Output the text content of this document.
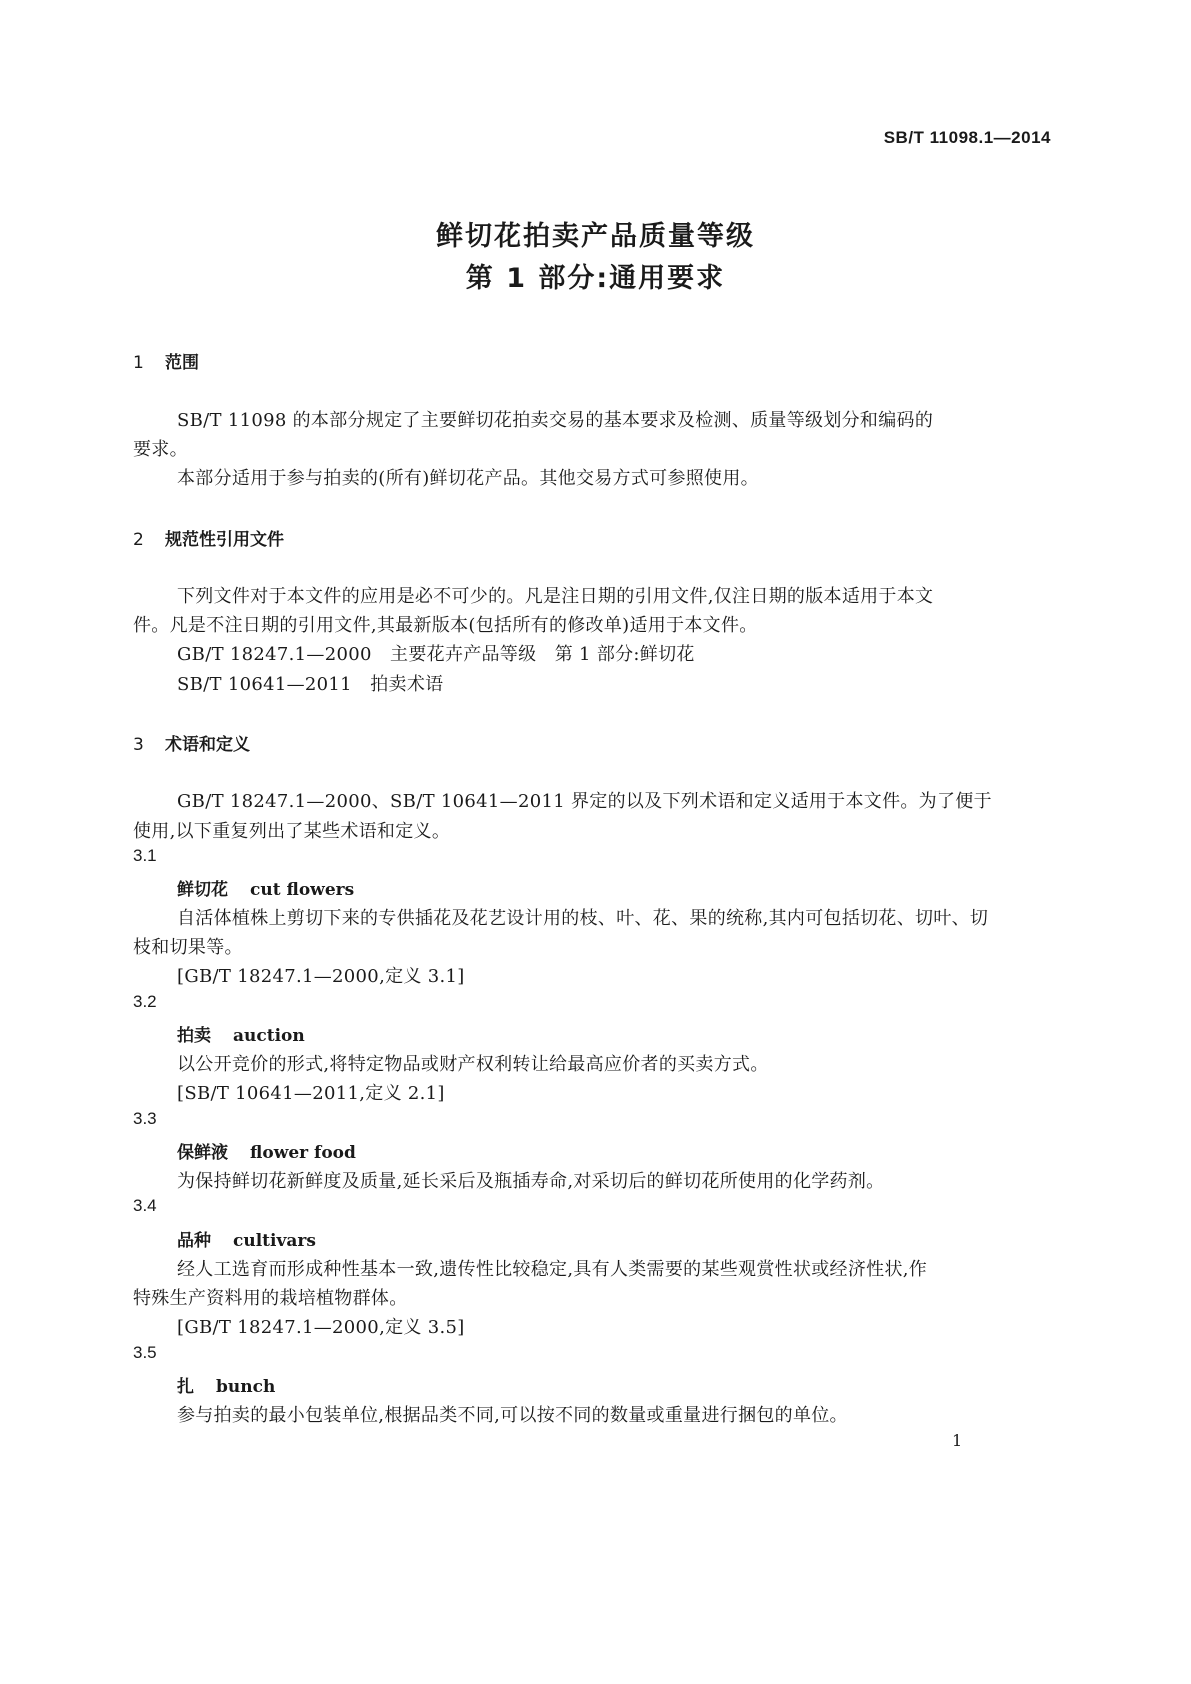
SB/T 11098.1—2014
鲜切花拍卖产品质量等级
第 1 部分:通用要求
1 范围
SB/T 11098 的本部分规定了主要鲜切花拍卖交易的基本要求及检测、质量等级划分和编码的
要求。
本部分适用于参与拍卖的(所有)鲜切花产品。其他交易方式可参照使用。
2 规范性引用文件
下列文件对于本文件的应用是必不可少的。凡是注日期的引用文件,仅注日期的版本适用于本文
件。凡是不注日期的引用文件,其最新版本(包括所有的修改单)适用于本文件。
GB/T 18247.1—2000　主要花卉产品等级　第 1 部分:鲜切花
SB/T 10641—2011　拍卖术语
3 术语和定义
GB/T 18247.1—2000、SB/T 10641—2011 界定的以及下列术语和定义适用于本文件。为了便于
使用,以下重复列出了某些术语和定义。
3.1
鲜切花 cut flowers
自活体植株上剪切下来的专供插花及花艺设计用的枝、叶、花、果的统称,其内可包括切花、切叶、切
枝和切果等。
[GB/T 18247.1—2000,定义 3.1]
3.2
拍卖 auction
以公开竞价的形式,将特定物品或财产权利转让给最高应价者的买卖方式。
[SB/T 10641—2011,定义 2.1]
3.3
保鲜液 flower food
为保持鲜切花新鲜度及质量,延长采后及瓶插寿命,对采切后的鲜切花所使用的化学药剂。
3.4
品种 cultivars
经人工选育而形成种性基本一致,遗传性比较稳定,具有人类需要的某些观赏性状或经济性状,作
特殊生产资料用的栽培植物群体。
[GB/T 18247.1—2000,定义 3.5]
3.5
扎 bunch
参与拍卖的最小包装单位,根据品类不同,可以按不同的数量或重量进行捆包的单位。
1
